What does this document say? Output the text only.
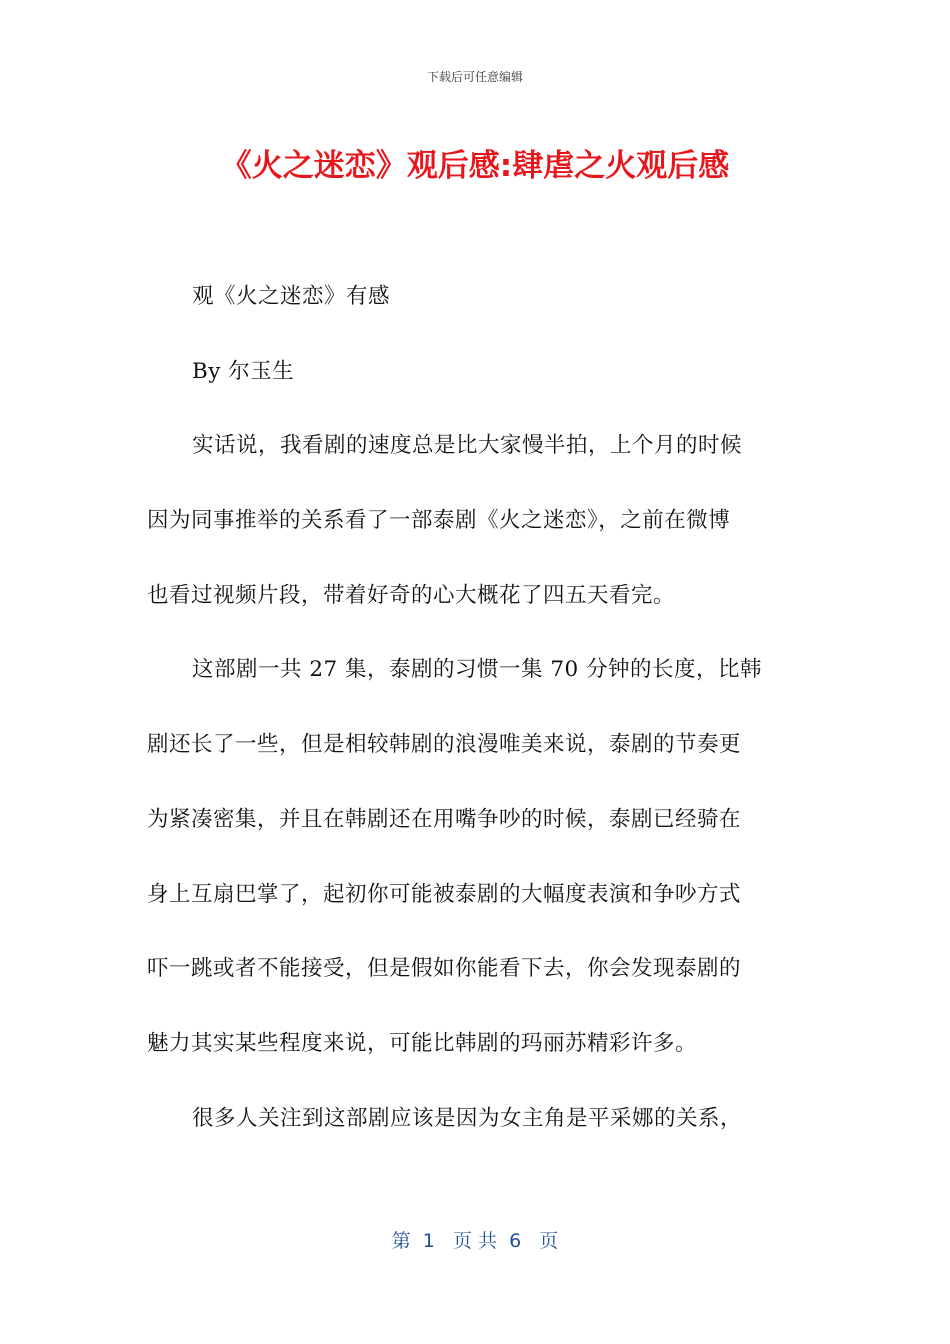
下载后可任意编辑
《火之迷恋》观后感:肆虐之火观后感
观《火之迷恋》有感
By 尔玉生
实话说，我看剧的速度总是比大家慢半拍，上个月的时候
因为同事推举的关系看了一部泰剧《火之迷恋》，之前在微博
也看过视频片段，带着好奇的心大概花了四五天看完。
这部剧一共 27 集，泰剧的习惯一集 70 分钟的长度，比韩
剧还长了一些，但是相较韩剧的浪漫唯美来说，泰剧的节奏更
为紧凑密集，并且在韩剧还在用嘴争吵的时候，泰剧已经骑在
身上互扇巴掌了，起初你可能被泰剧的大幅度表演和争吵方式
吓一跳或者不能接受，但是假如你能看下去，你会发现泰剧的
魅力其实某些程度来说，可能比韩剧的玛丽苏精彩许多。
很多人关注到这部剧应该是因为女主角是平采娜的关系，
第  1   页 共  6   页
